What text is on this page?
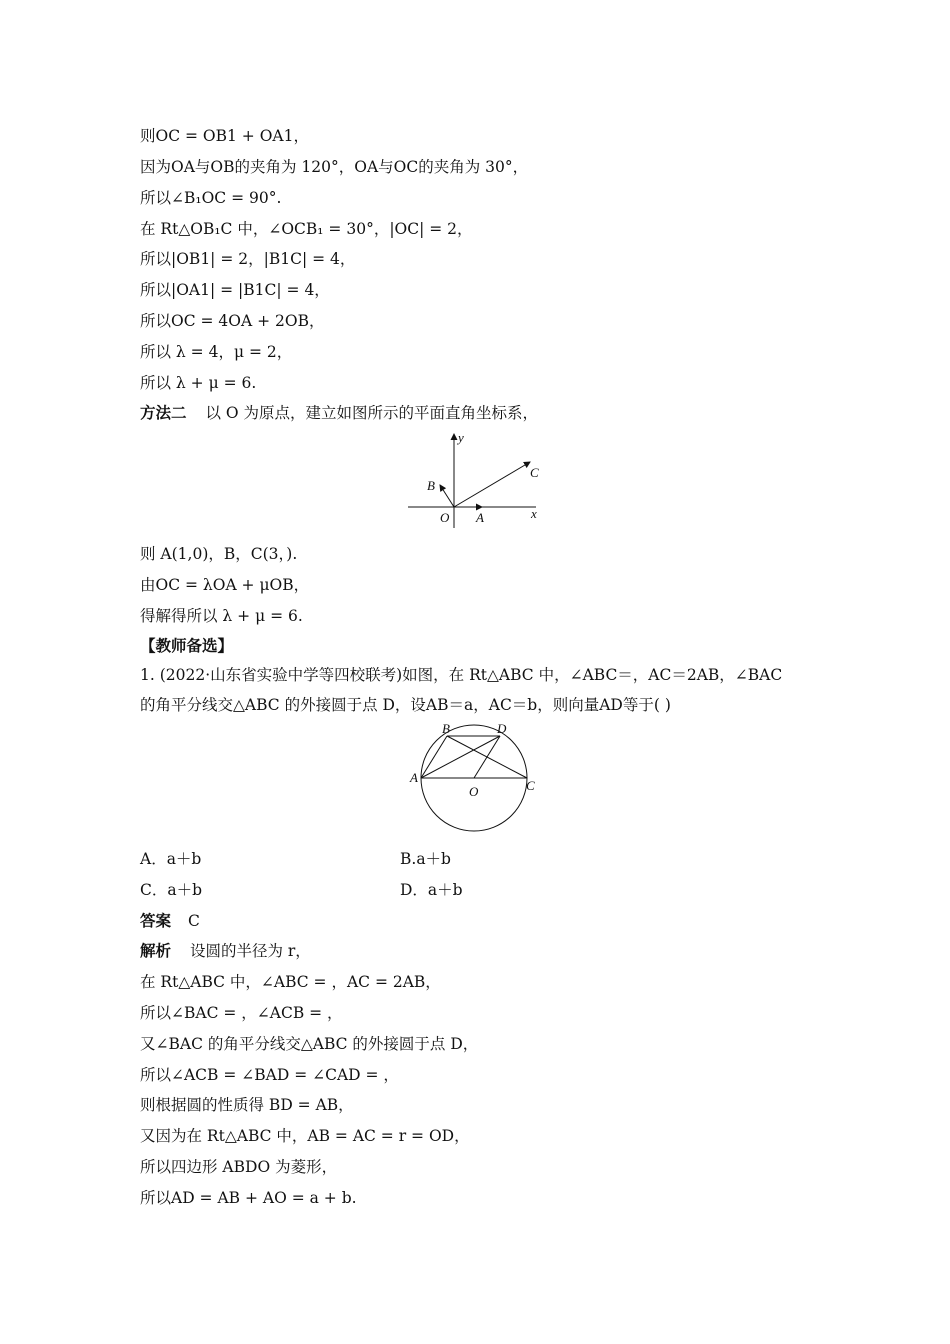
则OC = OB1 + OA1，
因为OA与OB的夹角为 120°，OA与OC的夹角为 30°，
所以∠B₁OC = 90°.
在 Rt△OB₁C 中，∠OCB₁ = 30°，|OC| = 2，
所以|OB1| = 2，|B1C| = 4，
所以|OA1| = |B1C| = 4，
所以OC = 4OA + 2OB，
所以 λ = 4，μ = 2，
所以 λ + μ = 6.
方法二 以 O 为原点，建立如图所示的平面直角坐标系，
y
x
B
C
O A
则 A(1,0)，B，C(3，).
由OC = λOA + μOB，
得解得所以 λ + μ = 6.
【教师备选】
1. (2022·山东省实验中学等四校联考)如图，在 Rt△ABC 中，∠ABC＝，AC＝2AB，∠BAC
的角平分线交△ABC 的外接圆于点 D，设AB＝a，AC＝b，则向量AD等于( )
B	D
A
C
O
A．a＋b	B.a＋b
C．a＋b	D．a＋b
答案 C
解析 设圆的半径为 r，
在 Rt△ABC 中，∠ABC = ，AC = 2AB，
所以∠BAC = ，∠ACB = ，
又∠BAC 的角平分线交△ABC 的外接圆于点 D，
所以∠ACB = ∠BAD = ∠CAD = ，
则根据圆的性质得 BD = AB，
又因为在 Rt△ABC 中，AB = AC = r = OD，
所以四边形 ABDO 为菱形，
所以AD = AB + AO = a + b.
